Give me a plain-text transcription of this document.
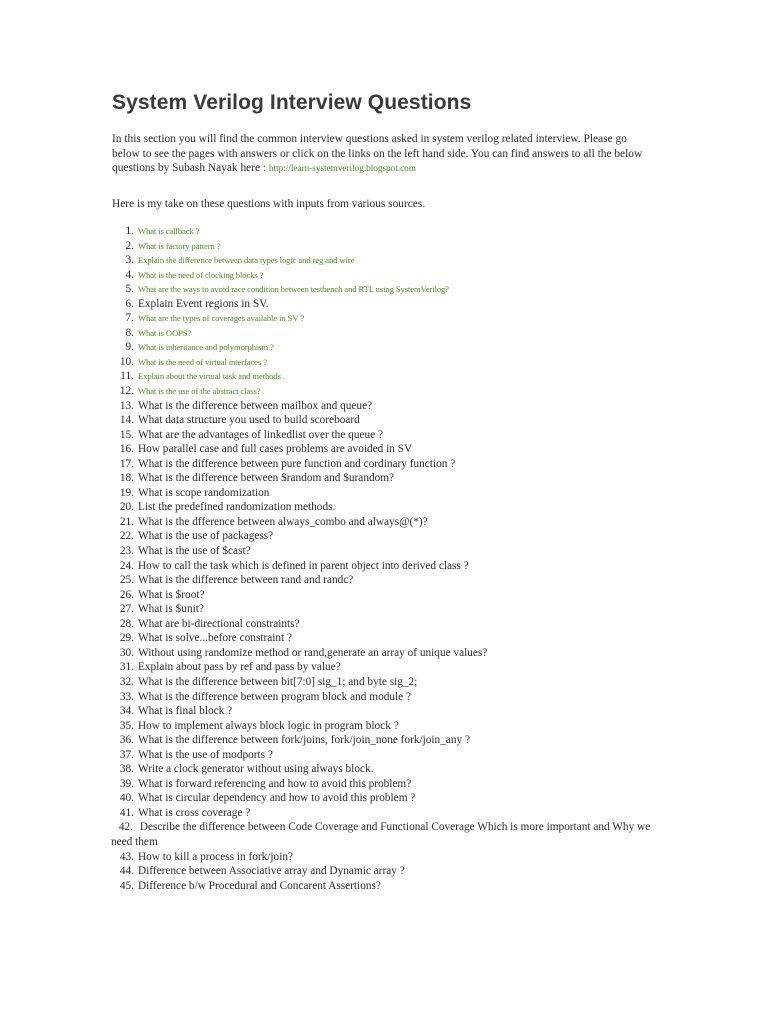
System Verilog Interview Questions

In this section you will find the common interview questions asked in system verilog related interview. Please go below to see the pages with answers or click on the links on the left hand side. You can find answers to all the below questions by Subash Nayak here : http://learn-systemverilog.blogspot.com

Here is my take on these questions with inputs from various sources.

1. What is callback ?
2. What is factory pattern ?
3. Explain the difference between data types logic and reg and wire
4. What is the need of clocking blocks ?
5. What are the ways to avoid race condition between testbench and RTL using SystemVerilog?
6. Explain Event regions in SV.
7. What are the types of coverages available in SV ?
8. What is OOPS?
9. What is inheritance and polymorphism ?
10. What is the need of virtual interfaces ?
11. Explain about the virtual task and methods .
12. What is the use of the abstract class?
13. What is the difference between mailbox and queue?
14. What data structure you used to build scoreboard
15. What are the advantages of linkedlist over the queue ?
16. How parallel case and full cases problems are avoided in SV
17. What is the difference between pure function and cordinary function ?
18. What is the difference between $random and $urandom?
19. What is scope randomization
20. List the predefined randomization methods.
21. What is the dfference between always_combo and always@(*)?
22. What is the use of packagess?
23. What is the use of $cast?
24. How to call the task which is defined in parent object into derived class ?
25. What is the difference between rand and randc?
26. What is $root?
27. What is $unit?
28. What are bi-directional constraints?
29. What is solve...before constraint ?
30. Without using randomize method or rand,generate an array of unique values?
31. Explain about pass by ref and pass by value?
32. What is the difference between bit[7:0] sig_1; and byte sig_2;
33. What is the difference between program block and module ?
34. What is final block ?
35. How to implement always block logic in program block ?
36. What is the difference between fork/joins, fork/join_none fork/join_any ?
37. What is the use of modports ?
38. Write a clock generator without using always block.
39. What is forward referencing and how to avoid this problem?
40. What is circular dependency and how to avoid this problem ?
41. What is cross coverage ?
42. Describe the difference between Code Coverage and Functional Coverage Which is more important and Why we need them
43. How to kill a process in fork/join?
44. Difference between Associative array and Dynamic array ?
45. Difference b/w Procedural and Concarent Assertions?
